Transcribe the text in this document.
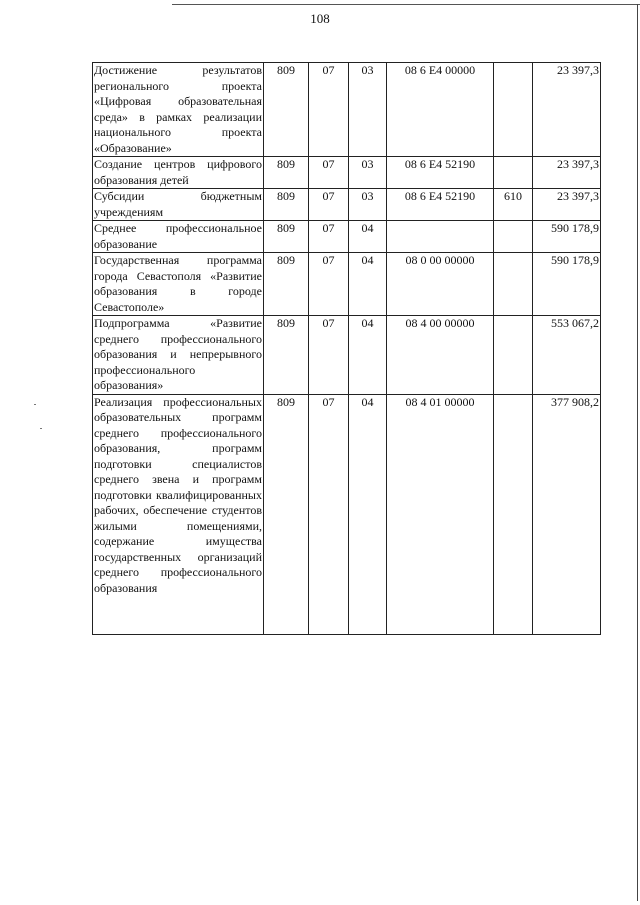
108
Достижение результатов регионального проекта «Цифровая образовательная среда» в рамках реализации национального проекта «Образование»	809	07	03	08 6 E4 00000		23 397,3
Создание центров цифрового образования детей	809	07	03	08 6 E4 52190		23 397,3
Субсидии бюджетным учреждениям	809	07	03	08 6 E4 52190	610	23 397,3
Среднее профессиональное образование	809	07	04			590 178,9
Государственная программа города Севастополя «Развитие образования в городе Севастополе»	809	07	04	08 0 00 00000		590 178,9
Подпрограмма «Развитие среднего профессионального образования и непрерывного профессионального образования»	809	07	04	08 4 00 00000		553 067,2
Реализация профессиональных образовательных программ среднего профессионального образования, программ подготовки специалистов среднего звена и программ подготовки квалифицированных рабочих, обеспечение студентов жилыми помещениями, содержание имущества государственных организаций среднего профессионального образования	809	07	04	08 4 01 00000		377 908,2
